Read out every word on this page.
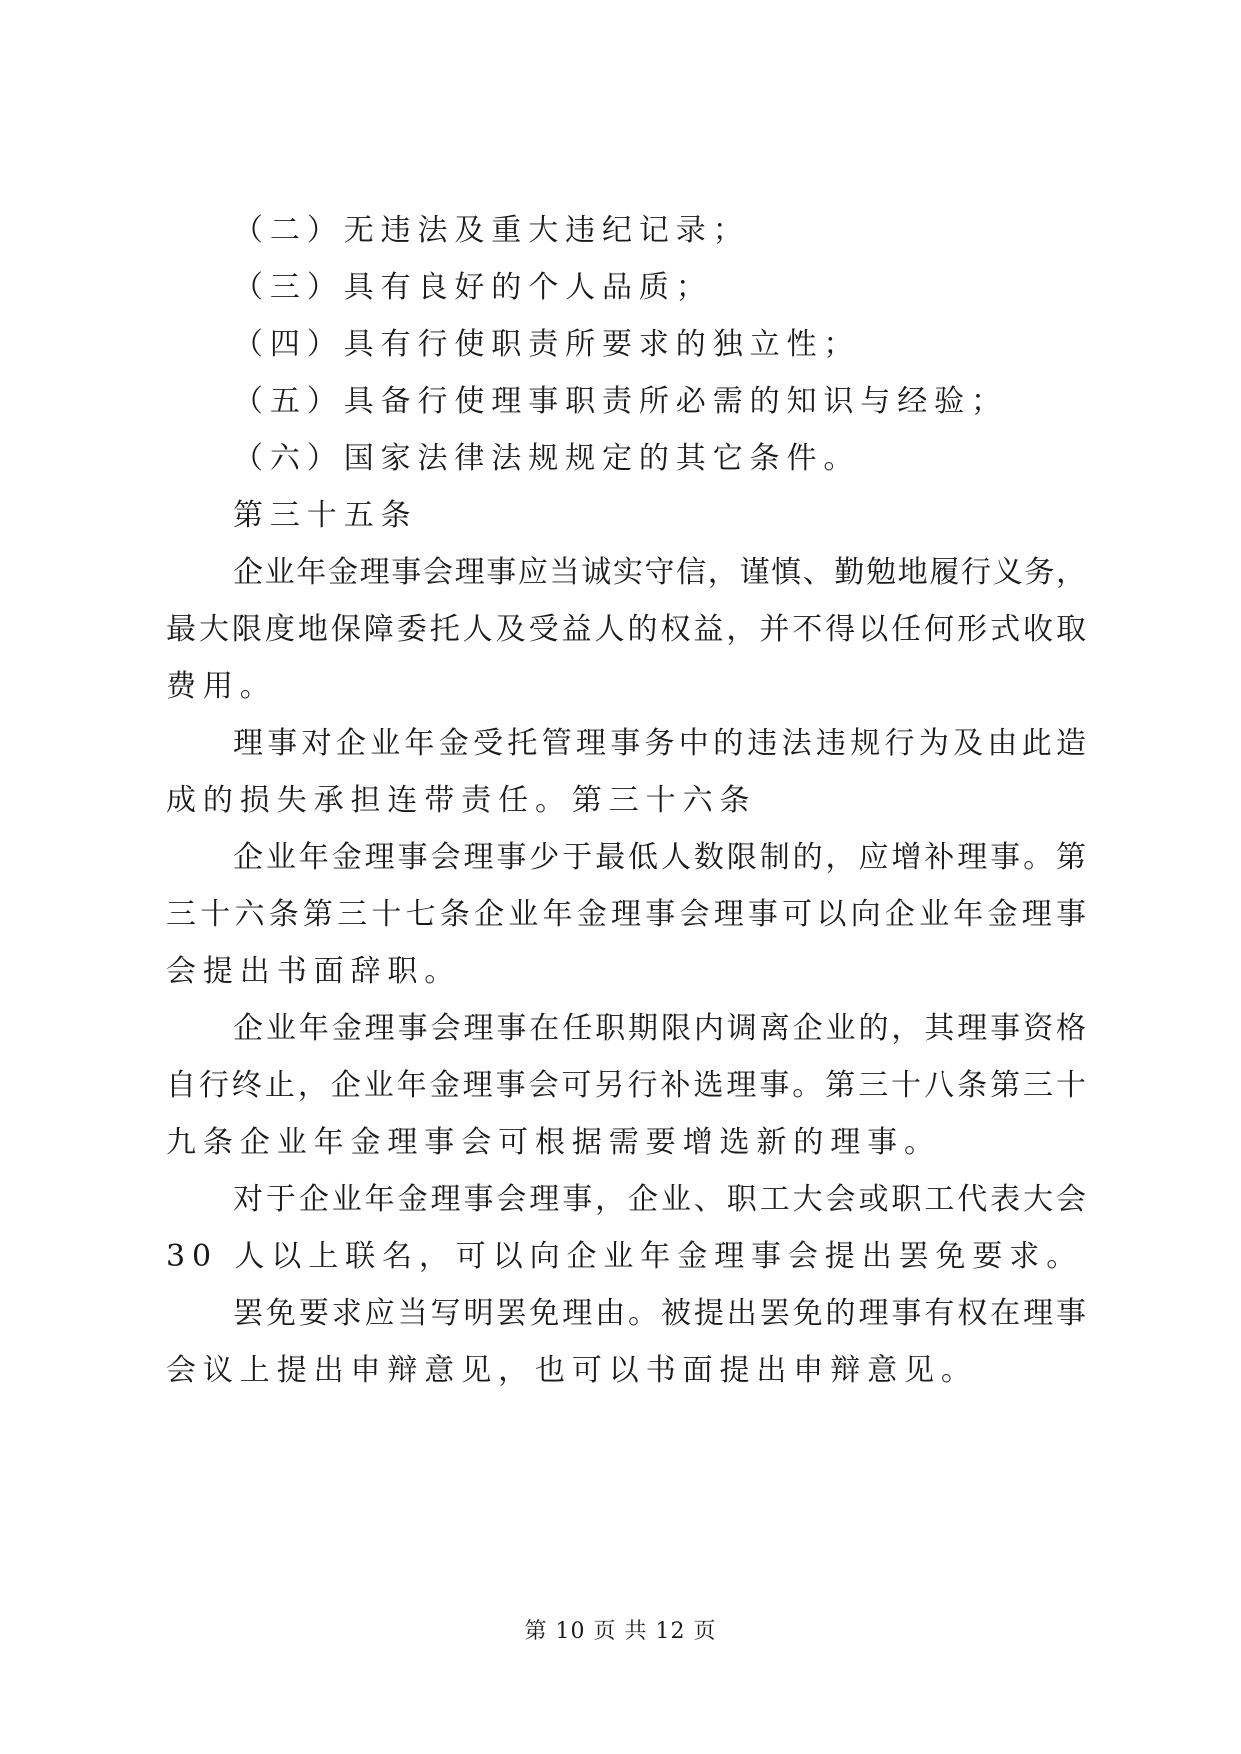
（二）无违法及重大违纪记录；
（三）具有良好的个人品质；
（四）具有行使职责所要求的独立性；
（五）具备行使理事职责所必需的知识与经验；
（六）国家法律法规规定的其它条件。
第三十五条
企业年金理事会理事应当诚实守信，谨慎、勤勉地履行义务，
最大限度地保障委托人及受益人的权益，并不得以任何形式收取
费用。
理事对企业年金受托管理事务中的违法违规行为及由此造
成的损失承担连带责任。第三十六条
企业年金理事会理事少于最低人数限制的，应增补理事。第
三十六条第三十七条企业年金理事会理事可以向企业年金理事
会提出书面辞职。
企业年金理事会理事在任职期限内调离企业的，其理事资格
自行终止，企业年金理事会可另行补选理事。第三十八条第三十
九条企业年金理事会可根据需要增选新的理事。
对于企业年金理事会理事，企业、职工大会或职工代表大会
30 人以上联名，可以向企业年金理事会提出罢免要求。
罢免要求应当写明罢免理由。被提出罢免的理事有权在理事
会议上提出申辩意见，也可以书面提出申辩意见。
第 10 页 共 12 页
